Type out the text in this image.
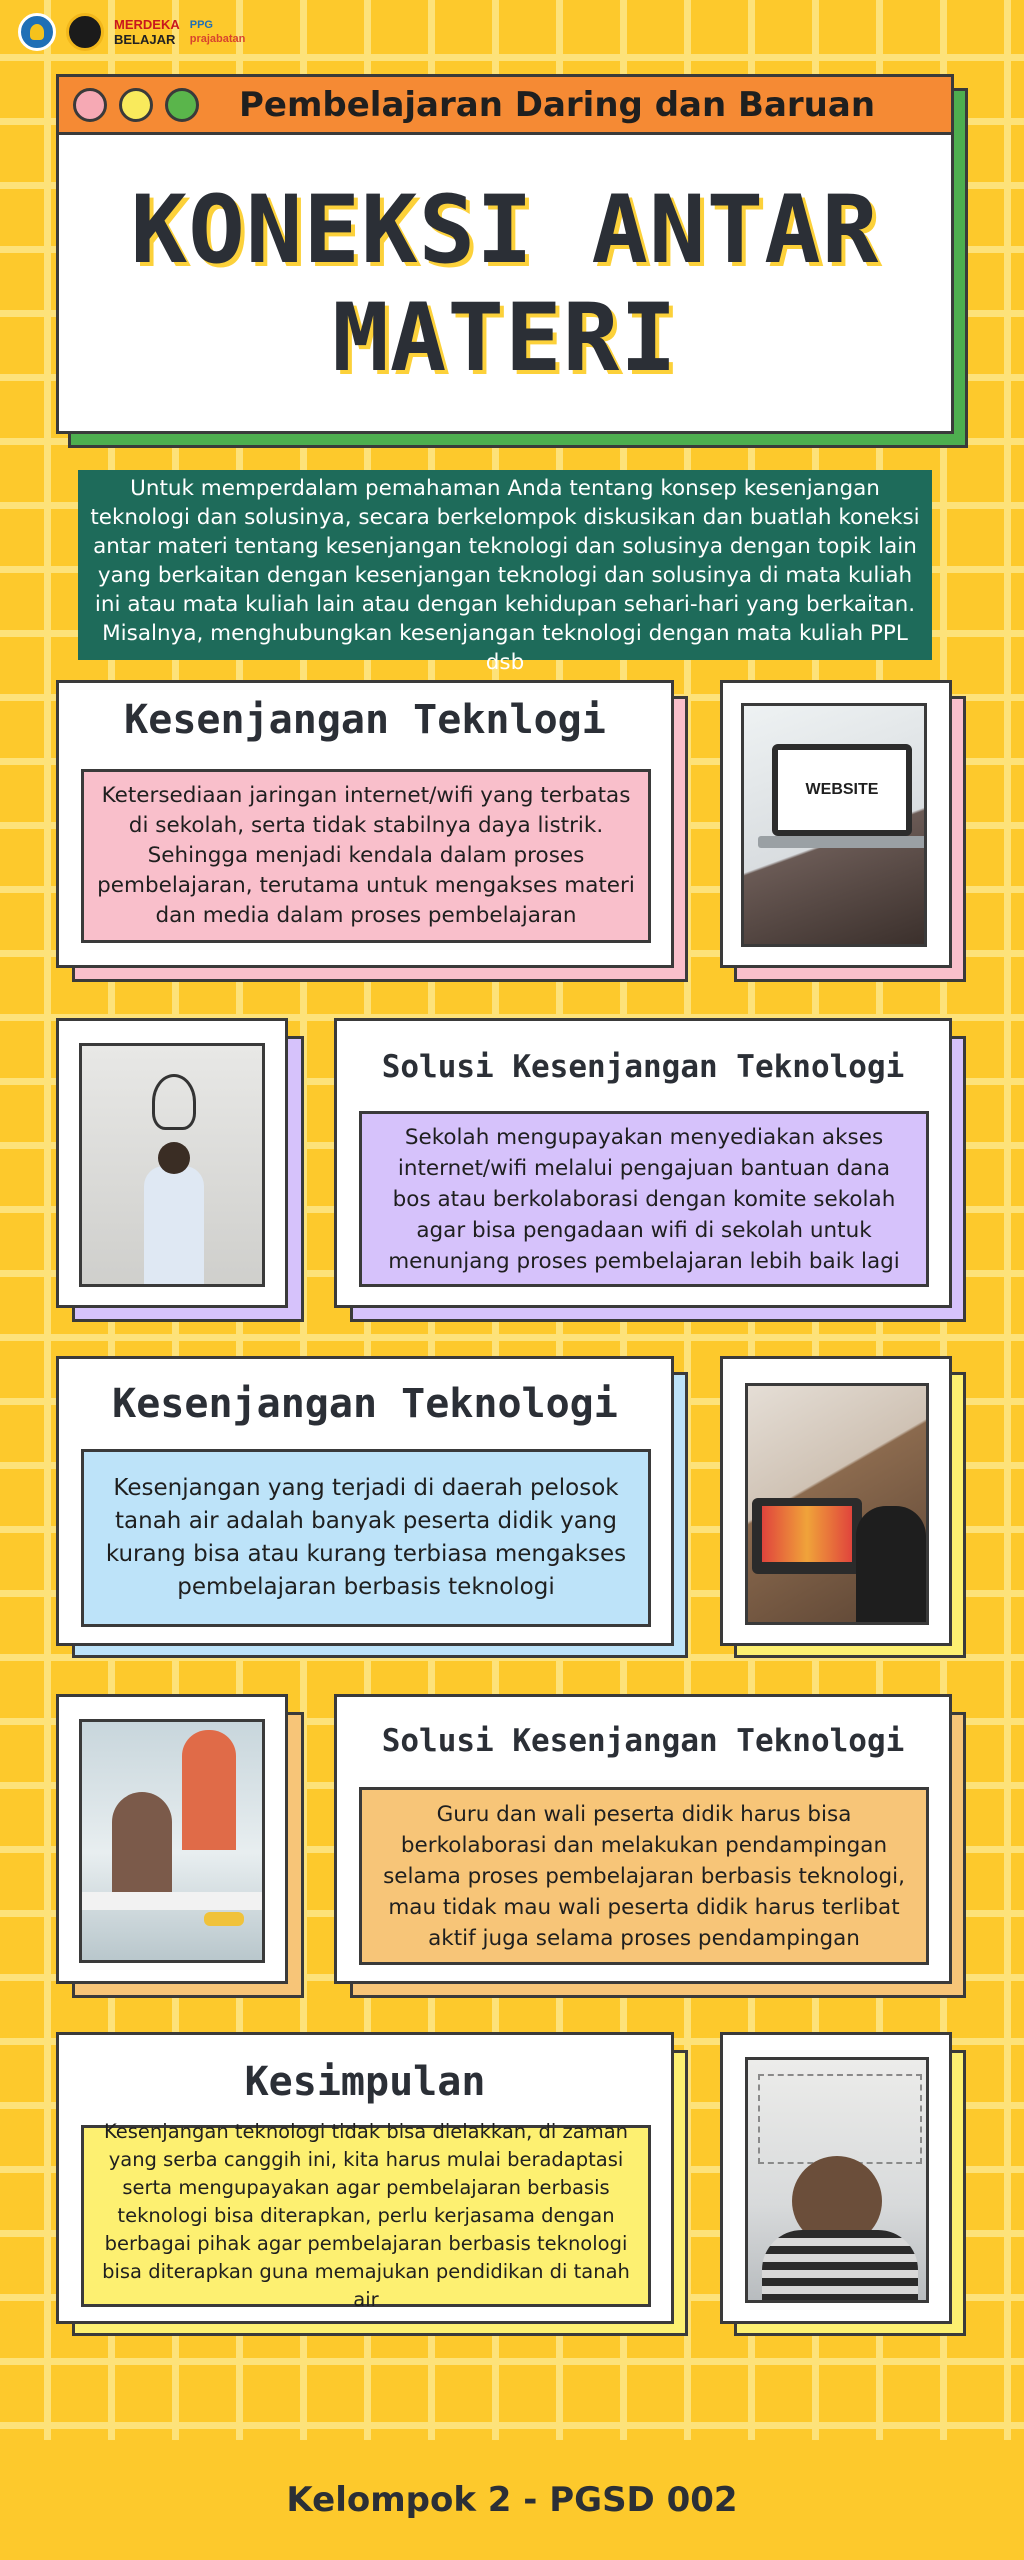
MERDEKA
BELAJAR
PPG
prajabatan
Pembelajaran Daring dan Baruan
KONEKSI ANTAR
MATERI
Untuk memperdalam pemahaman Anda tentang konsep kesenjangan teknologi dan solusinya, secara berkelompok diskusikan dan buatlah koneksi antar materi tentang kesenjangan teknologi dan solusinya dengan topik lain yang berkaitan dengan kesenjangan teknologi dan solusinya di mata kuliah ini atau mata kuliah lain atau dengan kehidupan sehari-hari yang berkaitan. Misalnya, menghubungkan kesenjangan teknologi dengan mata kuliah PPL dsb
Kesenjangan Teknlogi
Ketersediaan jaringan internet/wifi yang terbatas di sekolah, serta tidak stabilnya daya listrik. Sehingga menjadi kendala dalam proses pembelajaran, terutama untuk mengakses materi dan media dalam proses pembelajaran
WEBSITE
Solusi Kesenjangan Teknologi
Sekolah mengupayakan menyediakan akses internet/wifi melalui pengajuan bantuan dana bos atau berkolaborasi dengan komite sekolah agar bisa pengadaan wifi di sekolah untuk menunjang proses pembelajaran lebih baik lagi
Kesenjangan Teknologi
Kesenjangan yang terjadi di daerah pelosok tanah air adalah banyak peserta didik yang kurang bisa atau kurang terbiasa mengakses pembelajaran berbasis teknologi
Solusi Kesenjangan Teknologi
Guru dan wali peserta didik harus bisa berkolaborasi dan melakukan pendampingan selama proses pembelajaran berbasis teknologi, mau tidak mau wali peserta didik harus terlibat aktif juga selama proses pendampingan
Kesimpulan
Kesenjangan teknologi tidak bisa dielakkan, di zaman yang serba canggih ini, kita harus mulai beradaptasi serta mengupayakan agar pembelajaran berbasis teknologi bisa diterapkan, perlu kerjasama dengan berbagai pihak agar pembelajaran berbasis teknologi bisa diterapkan guna memajukan pendidikan di tanah air
Kelompok 2 - PGSD 002
